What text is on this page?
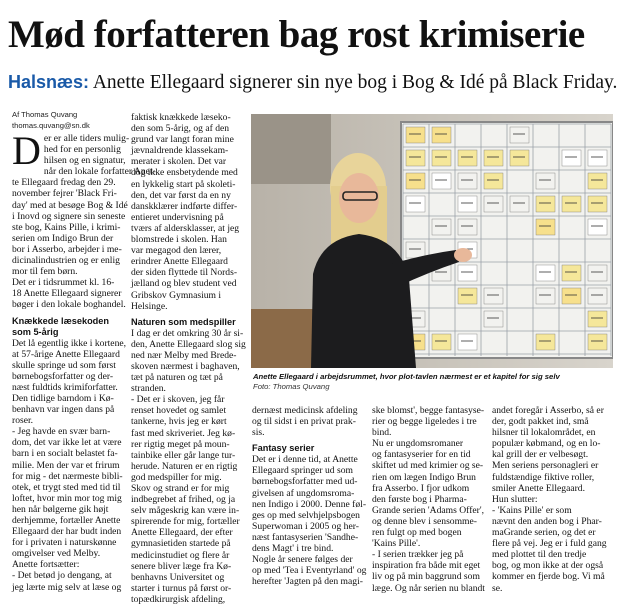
Mød forfatteren bag rost krimiserie
Halsnæs: Anette Ellegaard signerer sin nye bog i Bog & Idé på Black Friday.
Af Thomas Quvang
thomas.quvang@sn.dk
D er er alle tiders mulig-

hed for en personlig

hilsen og en signatur,

når den lokale forfatter Anet-

te Ellegaard fredag den 29.

november fejrer 'Black Fri-

day' med at besøge Bog & Idé

i Inovd og signere sin seneste

ste bog, Kains Pille, i krimi-

serien om Indigo Brun der

bor i Asserbo, arbejder i me-

dicinalindustrien og er enlig

mor til fem børn.

Det er i tidsrummet kl. 16-

18 Anette Ellegaard signerer

bøger i den lokale boghandel.

Knækkede læsekoden som 5-årig

Det lå egentlig ikke i kortene,

at 57-årige Anette Ellegaard

skulle springe ud som først

børnebogsforfatter og der-

næst fuldtids krimiforfatter.

Den tidlige barndom i Kø-

benhavn var ingen dans på

roser.

- Jeg havde en svær barn-

dom, det var ikke let at være

barn i en socialt belastet fa-

milie. Men der var et frirum

for mig - det nærmeste bibli-

otek, et trygt sted med tid til

loftet, hvor min mor tog mig

hen når bølgerne gik højt

derhjemme, fortæller Anette

Ellegaard der har budt inden

for i privaten i naturskønne

omgivelser ved Melby.

Anette fortsætter:

- Det betød jo dengang, at

jeg lærte mig selv at læse og

faktisk knækkede læseko-

den som 5-årig, og af den

grund var langt foran mine

jævnaldrende klassekam-

merater i skolen. Det var

dog ikke ensbetydende med

en lykkelig start på skoleti-

den, det var først da en ny

danskklærer indførte differ-

entieret undervisning på

tværs af aldersklasser, at jeg

blomstrede i skolen. Han

var megagod den lærer,

erindrer Anette Ellegaard

der siden flyttede til Nords-

jælland og blev student ved

Gribskov Gymnasium i

Helsinge.

Naturen som medspiller

I dag er det omkring 30 år si-

den, Anette Ellegaard slog sig

ned nær Melby med Brede-

skoven nærmest i baghaven,

tæt på naturen og tæt på

stranden.

- Det er i skoven, jeg får

renset hovedet og samlet

tankerne, hvis jeg er kørt

fast med skriveriet. Jeg kø-

rer rigtig meget på moun-

tainbike eller går lange tur-

herude. Naturen er en rigtig

god medspiller for mig.

Skov og strand er for mig

indbegrebet af frihed, og ja

selv mågeskrig kan være in-

spirerende for mig, fortæller

Anette Ellegaard, der efter

gymnasietiden startede på

medicinstudiet og flere år

senere bliver læge fra Kø-

benhavns Universitet og

starter i turnus på først or-

topædkirurgisk afdeling,

Anette Ellegaard i arbejdsrummet, hvor plot-tavlen nærmest er et kapitel for sig selv
Foto: Thomas Quvang

dernæst medicinsk afdeling

og til sidst i en privat prak-

sis.

Fantasy serier

Det er i denne tid, at Anette

Ellegaard springer ud som

børnebogsforfatter med ud-

givelsen af ungdomsroma-

nen Indigo i 2000. Denne føl-

ges op med selvhjelpsbogen

Superwoman i 2005 og her-

næst fantasyserien 'Sandhe-

dens Magt' i tre bind.

Nogle år senere følges der

op med 'Tea i Eventyrland' og

herefter 'Jagten på den magi-

ske blomst', begge fantasyse-

rier og begge ligeledes i tre

bind.

Nu er ungdomsromaner

og fantasyserier for en tid

skiftet ud med krimier og se-

rien om lægen Indigo Brun

fra Asserbo. I fjor udkom

den første bog i Pharma-

Grande serien 'Adams Offer',

og denne blev i sensomme-

ren fulgt op med bogen

'Kains Pille'.

- I serien trækker jeg på

inspiration fra både mit eget

liv og på min baggrund som

læge. Og når serien nu blandt

andet foregår i Asserbo, så er

der, godt pakket ind, små

hilsner til lokalområdet, en

populær købmand, og en lo-

kal grill der er velbesøgt.

Men seriens personagleri er

fuldstændige fiktive roller,

smiler Anette Ellegaard.

Hun slutter:

- 'Kains Pille' er som

nævnt den anden bog i Phar-

maGrande serien, og det er

flere på vej. Jeg er i fuld gang

med plottet til den tredje

bog, og mon ikke at der også

kommer en fjerde bog. Vi må

se.
